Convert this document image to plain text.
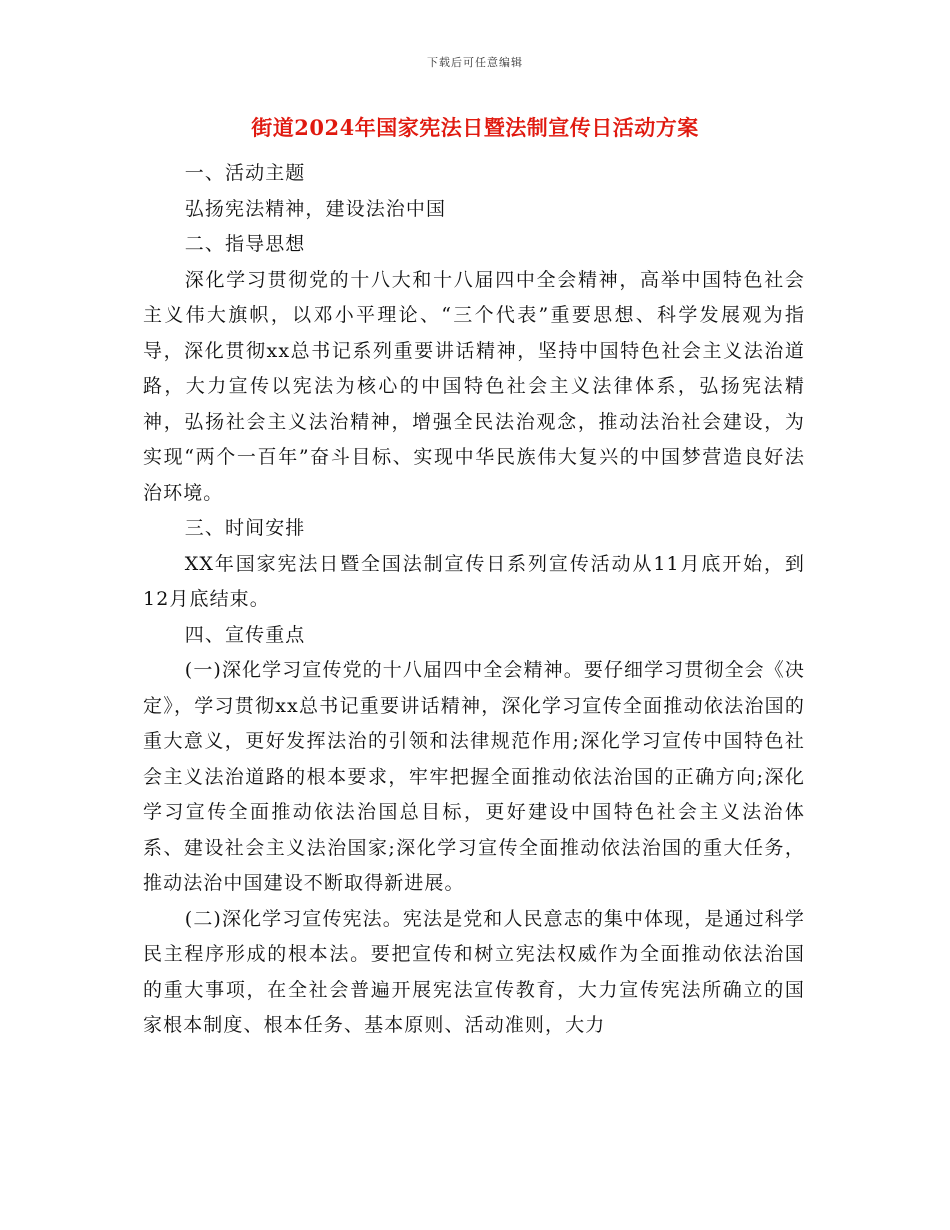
下载后可任意编辑
街道2024年国家宪法日暨法制宣传日活动方案

一、活动主题

弘扬宪法精神，建设法治中国

二、指导思想

深化学习贯彻党的十八大和十八届四中全会精神，高举中国特色社会主义伟大旗帜，以邓小平理论、“三个代表”重要思想、科学发展观为指导，深化贯彻xx总书记系列重要讲话精神，坚持中国特色社会主义法治道路，大力宣传以宪法为核心的中国特色社会主义法律体系，弘扬宪法精神，弘扬社会主义法治精神，增强全民法治观念，推动法治社会建设，为实现“两个一百年”奋斗目标、实现中华民族伟大复兴的中国梦营造良好法治环境。

三、时间安排

XX年国家宪法日暨全国法制宣传日系列宣传活动从11月底开始，到12月底结束。

四、宣传重点

(一)深化学习宣传党的十八届四中全会精神。要仔细学习贯彻全会《决定》，学习贯彻xx总书记重要讲话精神，深化学习宣传全面推动依法治国的重大意义，更好发挥法治的引领和法律规范作用;深化学习宣传中国特色社会主义法治道路的根本要求，牢牢把握全面推动依法治国的正确方向;深化学习宣传全面推动依法治国总目标，更好建设中国特色社会主义法治体系、建设社会主义法治国家;深化学习宣传全面推动依法治国的重大任务，推动法治中国建设不断取得新进展。

(二)深化学习宣传宪法。宪法是党和人民意志的集中体现，是通过科学民主程序形成的根本法。要把宣传和树立宪法权威作为全面推动依法治国的重大事项，在全社会普遍开展宪法宣传教育，大力宣传宪法所确立的国家根本制度、根本任务、基本原则、活动准则，大力
